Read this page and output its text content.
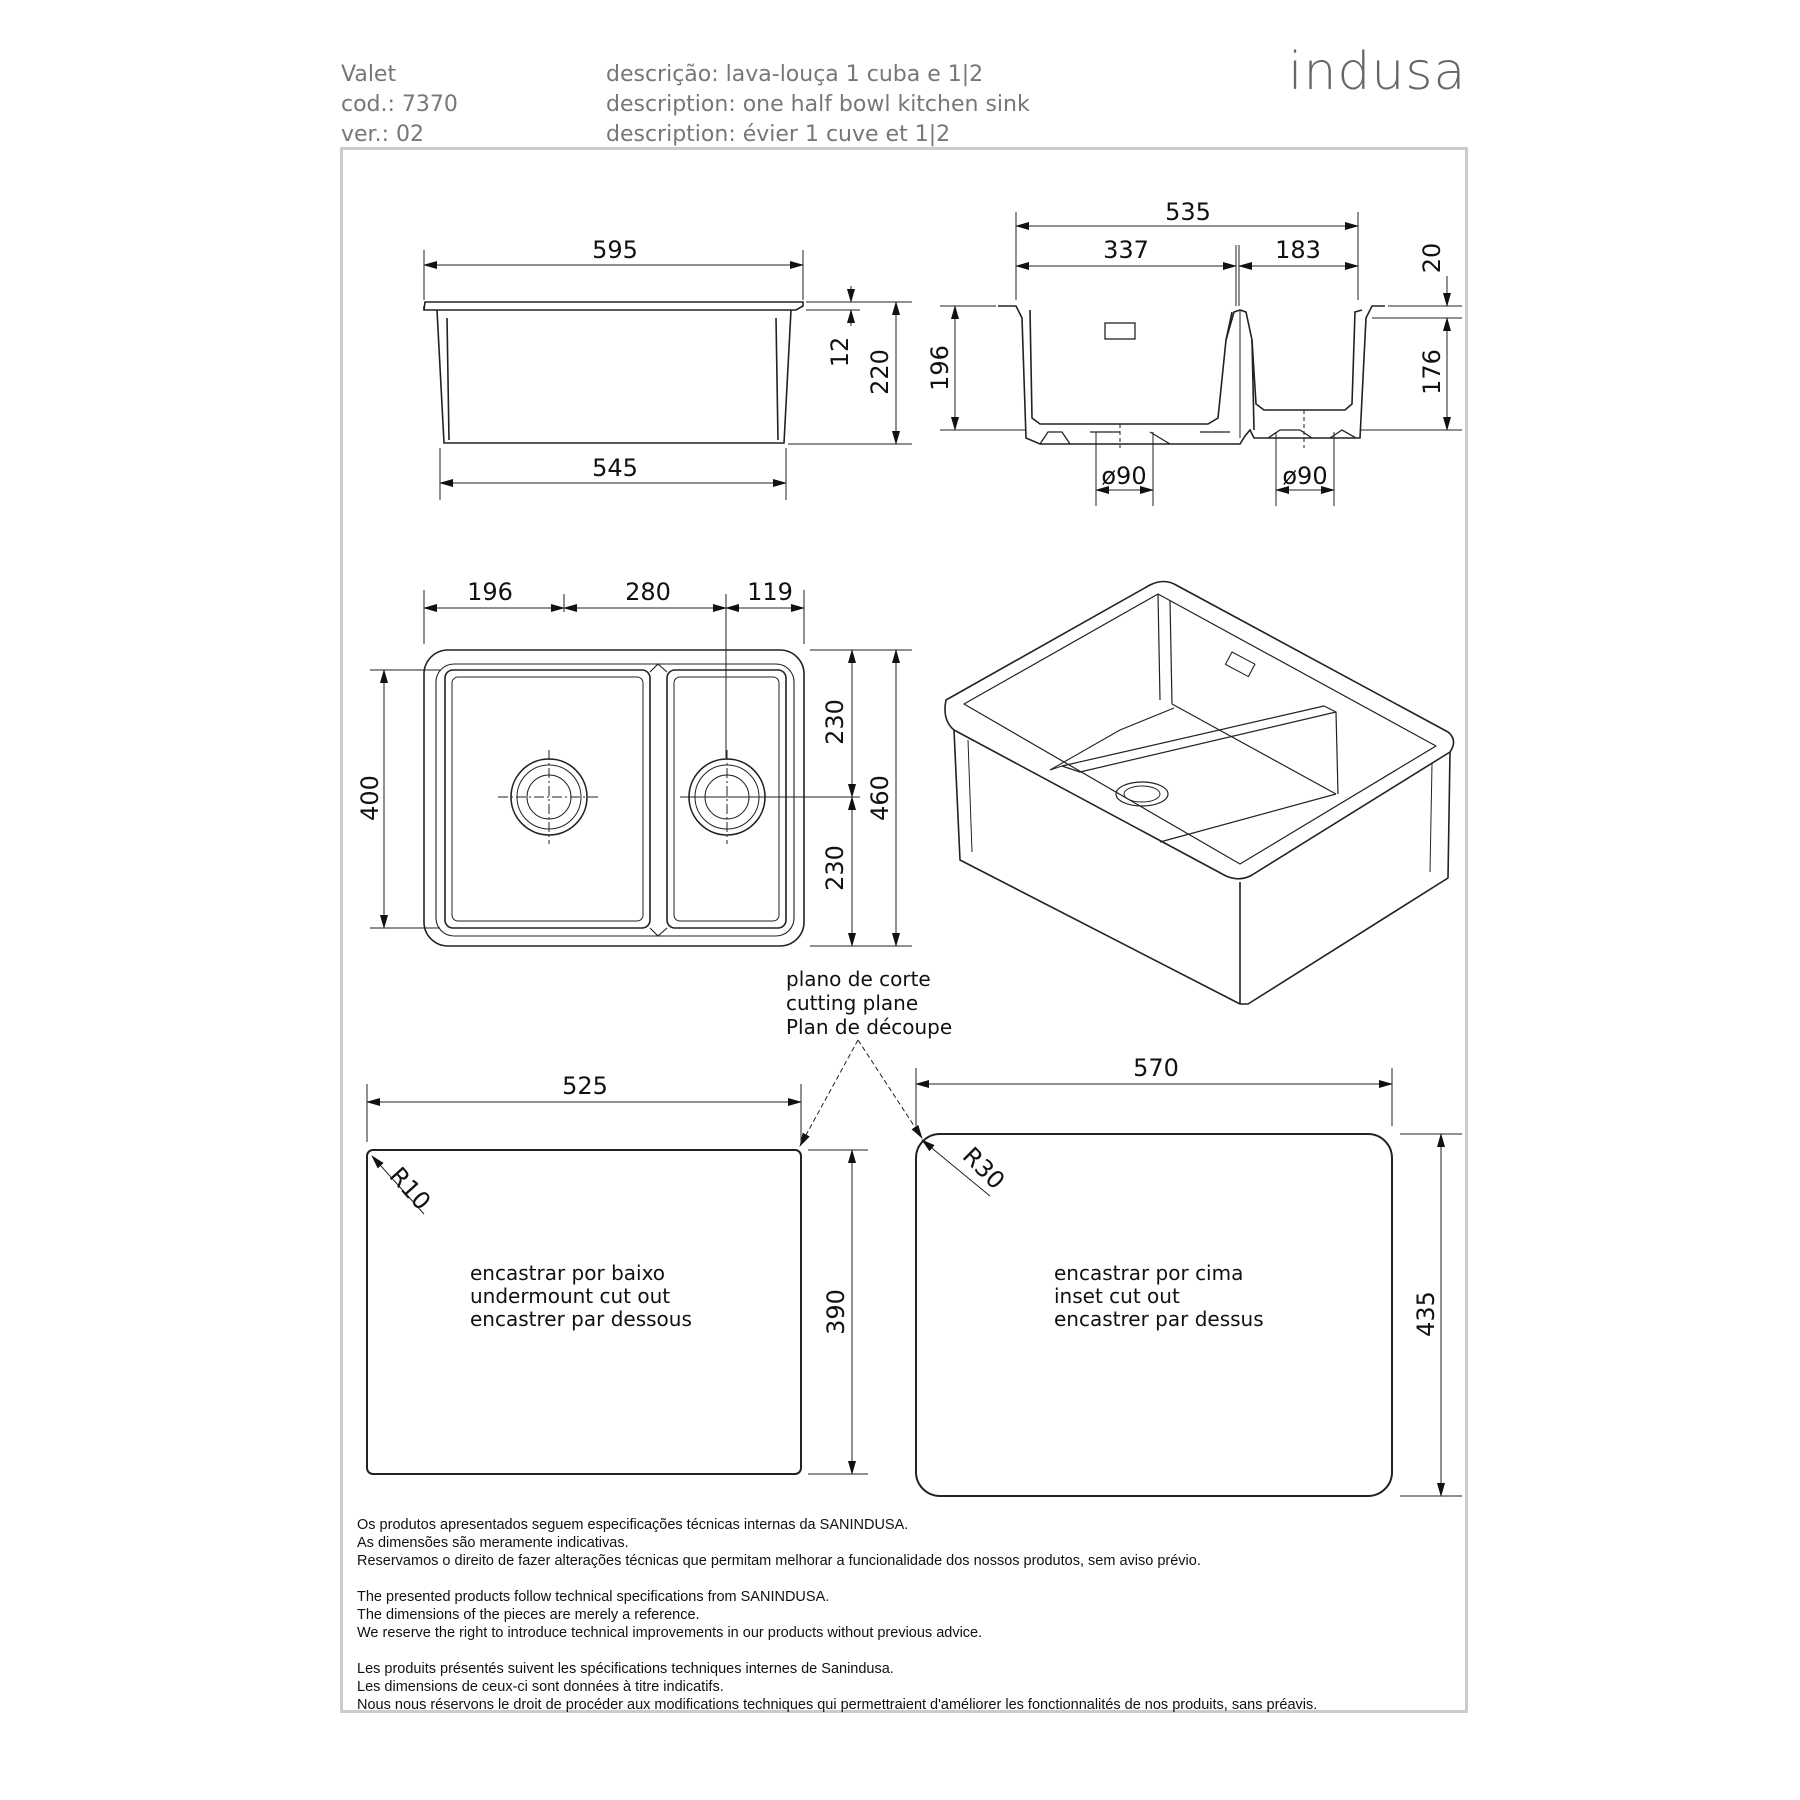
Valet
cod.: 7370
ver.: 02
descrição: lava-louça 1 cuba e 1|2
description: one half bowl kitchen sink
description: évier 1 cuve et 1|2
indusa
595
545
12 220
535
337	183	20
196	176
ø90	ø90
196	280	119
400
230
230
460
plano de corte
cutting plane
Plan de découpe
525
390
R10
encastrar por baixo
undermount cut out
encastrer par dessous
570
435
R30
encastrar por cima
inset cut out
encastrer par dessus
Os produtos apresentados seguem especificações técnicas internas da SANINDUSA.
As dimensões são meramente indicativas.
Reservamos o direito de fazer alterações técnicas que permitam melhorar a funcionalidade dos nossos produtos, sem aviso prévio.
The presented products follow technical specifications from SANINDUSA.
The dimensions of the pieces are merely a reference.
We reserve the right to introduce technical improvements in our products without previous advice.
Les produits présentés suivent les spécifications techniques internes de Sanindusa.
Les dimensions de ceux-ci sont données à titre indicatifs.
Nous nous réservons le droit de procéder aux modifications techniques qui permettraient d'améliorer les fonctionnalités de nos produits, sans préavis.
